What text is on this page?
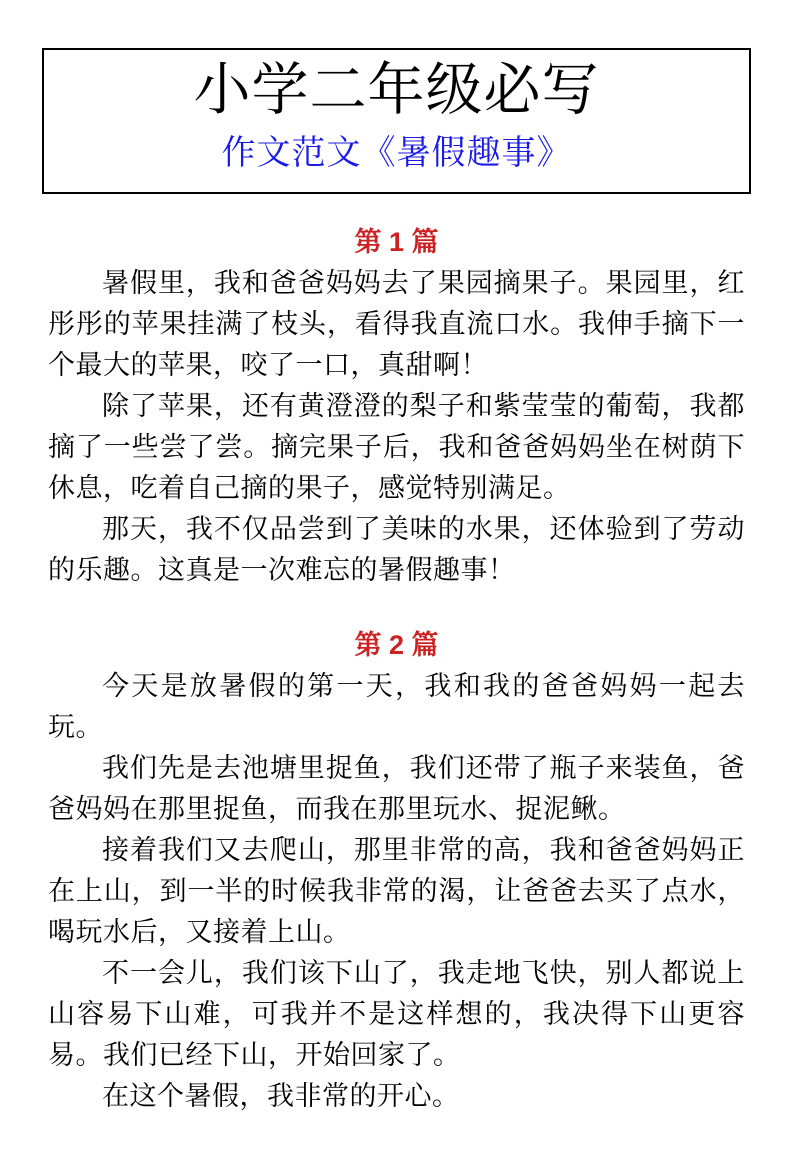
小学二年级必写
作文范文《暑假趣事》
第 1 篇

暑假里，我和爸爸妈妈去了果园摘果子。果园里，红彤彤的苹果挂满了枝头，看得我直流口水。我伸手摘下一个最大的苹果，咬了一口，真甜啊！

除了苹果，还有黄澄澄的梨子和紫莹莹的葡萄，我都摘了一些尝了尝。摘完果子后，我和爸爸妈妈坐在树荫下休息，吃着自己摘的果子，感觉特别满足。

那天，我不仅品尝到了美味的水果，还体验到了劳动的乐趣。这真是一次难忘的暑假趣事！

第 2 篇

今天是放暑假的第一天，我和我的爸爸妈妈一起去玩。

我们先是去池塘里捉鱼，我们还带了瓶子来装鱼，爸爸妈妈在那里捉鱼，而我在那里玩水、捉泥鳅。

接着我们又去爬山，那里非常的高，我和爸爸妈妈正在上山，到一半的时候我非常的渴，让爸爸去买了点水，喝玩水后，又接着上山。

不一会儿，我们该下山了，我走地飞快，别人都说上山容易下山难，可我并不是这样想的，我决得下山更容易。我们已经下山，开始回家了。

在这个暑假，我非常的开心。
